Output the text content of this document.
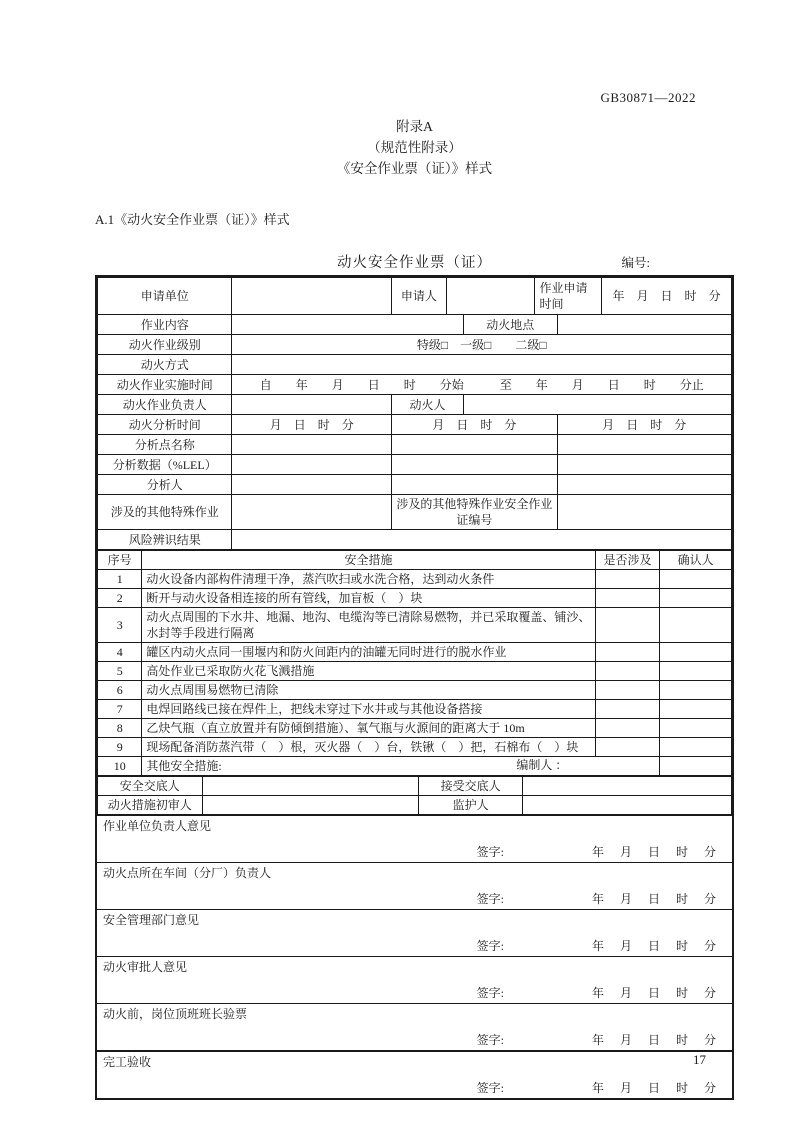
GB30871—2022
附录A
（规范性附录）
《安全作业票（证）》样式
A.1《动火安全作业票（证）》样式
动火安全作业票（证）	编号:
申请单位		申请人			作业申请时间		年　月　日　时　分
作业内容				动火地点			
动火作业级别	特级□　一级□　　二级□						
动火方式							
动火作业实施时间	自　　年　　月　　日　　时　　分始　　　至　　年　　月　　日　　时　　分止						
动火作业负责人		动火人					
动火分析时间	月　日　时　分	月　日　时　分				月　日　时　分	
分析点名称							
分析数据（%LEL）							
分析人							
涉及的其他特殊作业		涉及的其他特殊作业安全作业证编号					
风险辨识结果							
序号	安全措施	是否涉及	确认人
1	动火设备内部构件清理干净，蒸汽吹扫或水洗合格，达到动火条件		
2	断开与动火设备相连接的所有管线，加盲板（　）块		
3	动火点周围的下水井、地漏、地沟、电缆沟等已清除易燃物，并已采取覆盖、铺沙、水封等手段进行隔离		
4	罐区内动火点同一围堰内和防火间距内的油罐无同时进行的脱水作业		
5	高处作业已采取防火花飞溅措施		
6	动火点周围易燃物已清除		
7	电焊回路线已接在焊件上，把线未穿过下水井或与其他设备搭接		
8	乙炔气瓶（直立放置并有防倾倒措施）、氧气瓶与火源间的距离大于 10m		
9	现场配备消防蒸汽带（　）根，灭火器（　）台，铁锹（　）把，石棉布（　）块		
10	其他安全措施: 编制人 ：		

安全交底人		接受交底人	
动火措施初审人		监护人	
作业单位负责人意见
签字:	年　月　日　时　分
动火点所在车间（分厂）负责人
签字:	年　月　日　时　分
安全管理部门意见
签字:	年　月　日　时　分
动火审批人意见
签字:	年　月　日　时　分
动火前，岗位顶班班长验票
签字:	年　月　日　时　分
完工验收
签字:	年　月　日　时　分
17
